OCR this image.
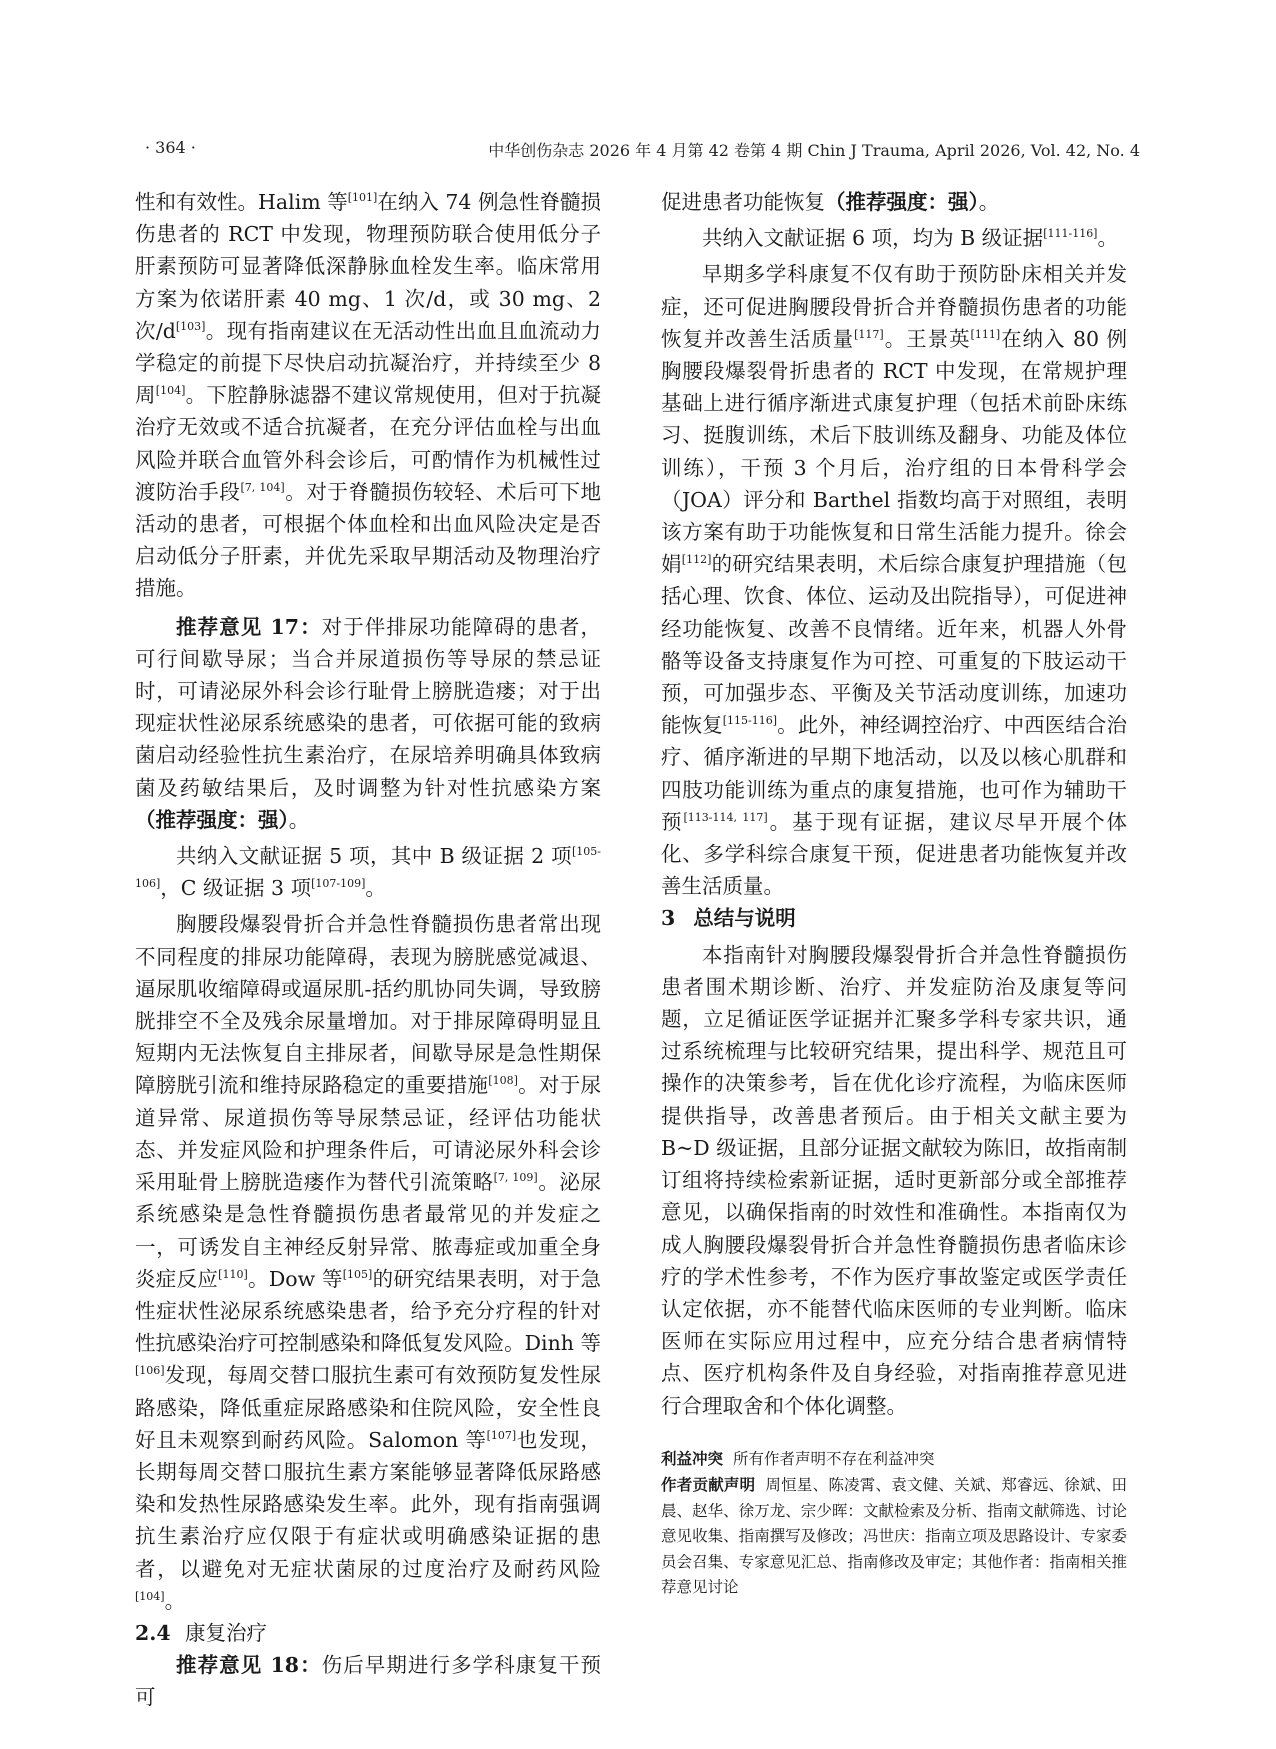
· 364 ·	中华创伤杂志 2026 年 4 月第 42 卷第 4 期 Chin J Trauma, April 2026, Vol. 42, No. 4

性和有效性。Halim 等[101]在纳入 74 例急性脊髓损伤患者的 RCT 中发现，物理预防联合使用低分子肝素预防可显著降低深静脉血栓发生率。临床常用方案为依诺肝素 40 mg、1 次/d，或 30 mg、2 次/d[103]。现有指南建议在无活动性出血且血流动力学稳定的前提下尽快启动抗凝治疗，并持续至少 8 周[104]。下腔静脉滤器不建议常规使用，但对于抗凝治疗无效或不适合抗凝者，在充分评估血栓与出血风险并联合血管外科会诊后，可酌情作为机械性过渡防治手段[7, 104]。对于脊髓损伤较轻、术后可下地活动的患者，可根据个体血栓和出血风险决定是否启动低分子肝素，并优先采取早期活动及物理治疗措施。

推荐意见 17：对于伴排尿功能障碍的患者，可行间歇导尿；当合并尿道损伤等导尿的禁忌证时，可请泌尿外科会诊行耻骨上膀胱造瘘；对于出现症状性泌尿系统感染的患者，可依据可能的致病菌启动经验性抗生素治疗，在尿培养明确具体致病菌及药敏结果后，及时调整为针对性抗感染方案（推荐强度：强）。

共纳入文献证据 5 项，其中 B 级证据 2 项[105-106]，C 级证据 3 项[107-109]。

胸腰段爆裂骨折合并急性脊髓损伤患者常出现不同程度的排尿功能障碍，表现为膀胱感觉减退、逼尿肌收缩障碍或逼尿肌-括约肌协同失调，导致膀胱排空不全及残余尿量增加。对于排尿障碍明显且短期内无法恢复自主排尿者，间歇导尿是急性期保障膀胱引流和维持尿路稳定的重要措施[108]。对于尿道异常、尿道损伤等导尿禁忌证，经评估功能状态、并发症风险和护理条件后，可请泌尿外科会诊采用耻骨上膀胱造瘘作为替代引流策略[7, 109]。泌尿系统感染是急性脊髓损伤患者最常见的并发症之一，可诱发自主神经反射异常、脓毒症或加重全身炎症反应[110]。Dow 等[105]的研究结果表明，对于急性症状性泌尿系统感染患者，给予充分疗程的针对性抗感染治疗可控制感染和降低复发风险。Dinh 等[106]发现，每周交替口服抗生素可有效预防复发性尿路感染，降低重症尿路感染和住院风险，安全性良好且未观察到耐药风险。Salomon 等[107]也发现，长期每周交替口服抗生素方案能够显著降低尿路感染和发热性尿路感染发生率。此外，现有指南强调抗生素治疗应仅限于有症状或明确感染证据的患者，以避免对无症状菌尿的过度治疗及耐药风险[104]。

2.4 康复治疗

推荐意见 18：伤后早期进行多学科康复干预可

促进患者功能恢复（推荐强度：强）。

共纳入文献证据 6 项，均为 B 级证据[111-116]。

早期多学科康复不仅有助于预防卧床相关并发症，还可促进胸腰段骨折合并脊髓损伤患者的功能恢复并改善生活质量[117]。王景英[111]在纳入 80 例胸腰段爆裂骨折患者的 RCT 中发现，在常规护理基础上进行循序渐进式康复护理（包括术前卧床练习、挺腹训练，术后下肢训练及翻身、功能及体位训练），干预 3 个月后，治疗组的日本骨科学会（JOA）评分和 Barthel 指数均高于对照组，表明该方案有助于功能恢复和日常生活能力提升。徐会娟[112]的研究结果表明，术后综合康复护理措施（包括心理、饮食、体位、运动及出院指导），可促进神经功能恢复、改善不良情绪。近年来，机器人外骨骼等设备支持康复作为可控、可重复的下肢运动干预，可加强步态、平衡及关节活动度训练，加速功能恢复[115-116]。此外，神经调控治疗、中西医结合治疗、循序渐进的早期下地活动，以及以核心肌群和四肢功能训练为重点的康复措施，也可作为辅助干预[113-114, 117]。基于现有证据，建议尽早开展个体化、多学科综合康复干预，促进患者功能恢复并改善生活质量。

3 总结与说明

本指南针对胸腰段爆裂骨折合并急性脊髓损伤患者围术期诊断、治疗、并发症防治及康复等问题，立足循证医学证据并汇聚多学科专家共识，通过系统梳理与比较研究结果，提出科学、规范且可操作的决策参考，旨在优化诊疗流程，为临床医师提供指导，改善患者预后。由于相关文献主要为 B~D 级证据，且部分证据文献较为陈旧，故指南制订组将持续检索新证据，适时更新部分或全部推荐意见，以确保指南的时效性和准确性。本指南仅为成人胸腰段爆裂骨折合并急性脊髓损伤患者临床诊疗的学术性参考，不作为医疗事故鉴定或医学责任认定依据，亦不能替代临床医师的专业判断。临床医师在实际应用过程中，应充分结合患者病情特点、医疗机构条件及自身经验，对指南推荐意见进行合理取舍和个体化调整。

利益冲突 所有作者声明不存在利益冲突

作者贡献声明 周恒星、陈凌霄、袁文健、关斌、郑睿远、徐斌、田晨、赵华、徐万龙、宗少晖：文献检索及分析、指南文献筛选、讨论意见收集、指南撰写及修改；冯世庆：指南立项及思路设计、专家委员会召集、专家意见汇总、指南修改及审定；其他作者：指南相关推荐意见讨论
